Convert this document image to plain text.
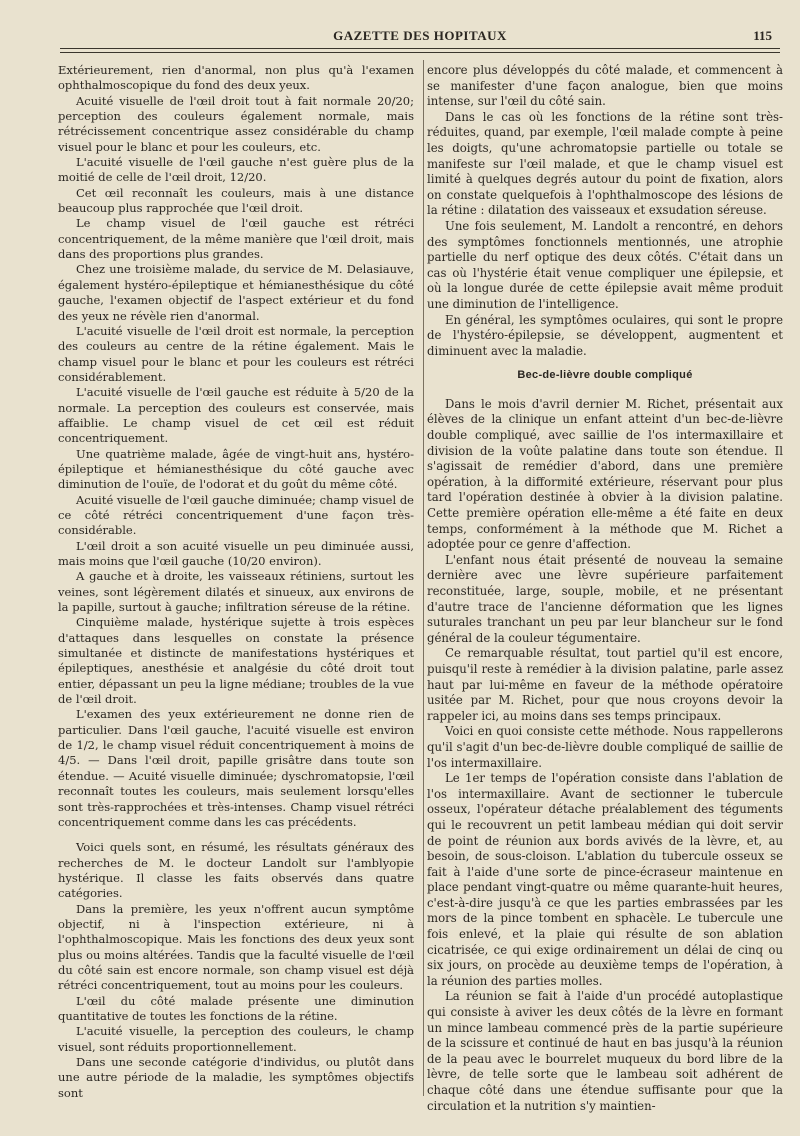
GAZETTE DES HOPITAUX	115

Extérieurement, rien d'anormal, non plus qu'à l'examen ophthalmoscopique du fond des deux yeux.

Acuité visuelle de l'œil droit tout à fait normale 20/20; perception des couleurs également normale, mais rétrécissement concentrique assez considérable du champ visuel pour le blanc et pour les couleurs, etc.

L'acuité visuelle de l'œil gauche n'est guère plus de la moitié de celle de l'œil droit, 12/20.

Cet œil reconnaît les couleurs, mais à une distance beaucoup plus rapprochée que l'œil droit.

Le champ visuel de l'œil gauche est rétréci concentriquement, de la même manière que l'œil droit, mais dans des proportions plus grandes.

Chez une troisième malade, du service de M. Delasiauve, également hystéro-épileptique et hémianesthésique du côté gauche, l'examen objectif de l'aspect extérieur et du fond des yeux ne révèle rien d'anormal.

L'acuité visuelle de l'œil droit est normale, la perception des couleurs au centre de la rétine également. Mais le champ visuel pour le blanc et pour les couleurs est rétréci considérablement.

L'acuité visuelle de l'œil gauche est réduite à 5/20 de la normale. La perception des couleurs est conservée, mais affaiblie. Le champ visuel de cet œil est réduit concentriquement.

Une quatrième malade, âgée de vingt-huit ans, hystéro-épileptique et hémianesthésique du côté gauche avec diminution de l'ouïe, de l'odorat et du goût du même côté.

Acuité visuelle de l'œil gauche diminuée; champ visuel de ce côté rétréci concentriquement d'une façon très-considérable.

L'œil droit a son acuité visuelle un peu diminuée aussi, mais moins que l'œil gauche (10/20 environ).

A gauche et à droite, les vaisseaux rétiniens, surtout les veines, sont légèrement dilatés et sinueux, aux environs de la papille, surtout à gauche; infiltration séreuse de la rétine.

Cinquième malade, hystérique sujette à trois espèces d'attaques dans lesquelles on constate la présence simultanée et distincte de manifestations hystériques et épileptiques, anesthésie et analgésie du côté droit tout entier, dépassant un peu la ligne médiane; troubles de la vue de l'œil droit.

L'examen des yeux extérieurement ne donne rien de particulier. Dans l'œil gauche, l'acuité visuelle est environ de 1/2, le champ visuel réduit concentriquement à moins de 4/5. — Dans l'œil droit, papille grisâtre dans toute son étendue. — Acuité visuelle diminuée; dyschromatopsie, l'œil reconnaît toutes les couleurs, mais seulement lorsqu'elles sont très-rapprochées et très-intenses. Champ visuel rétréci concentriquement comme dans les cas précédents.

Voici quels sont, en résumé, les résultats généraux des recherches de M. le docteur Landolt sur l'amblyopie hystérique. Il classe les faits observés dans quatre catégories.

Dans la première, les yeux n'offrent aucun symptôme objectif, ni à l'inspection extérieure, ni à l'ophthalmoscopique. Mais les fonctions des deux yeux sont plus ou moins altérées. Tandis que la faculté visuelle de l'œil du côté sain est encore normale, son champ visuel est déjà rétréci concentriquement, tout au moins pour les couleurs.

L'œil du côté malade présente une diminution quantitative de toutes les fonctions de la rétine.

L'acuité visuelle, la perception des couleurs, le champ visuel, sont réduits proportionnellement.

Dans une seconde catégorie d'individus, ou plutôt dans une autre période de la maladie, les symptômes objectifs sont

encore plus développés du côté malade, et commencent à se manifester d'une façon analogue, bien que moins intense, sur l'œil du côté sain.

Dans le cas où les fonctions de la rétine sont très-réduites, quand, par exemple, l'œil malade compte à peine les doigts, qu'une achromatopsie partielle ou totale se manifeste sur l'œil malade, et que le champ visuel est limité à quelques degrés autour du point de fixation, alors on constate quelquefois à l'ophthalmoscope des lésions de la rétine : dilatation des vaisseaux et exsudation séreuse.

Une fois seulement, M. Landolt a rencontré, en dehors des symptômes fonctionnels mentionnés, une atrophie partielle du nerf optique des deux côtés. C'était dans un cas où l'hystérie était venue compliquer une épilepsie, et où la longue durée de cette épilepsie avait même produit une diminution de l'intelligence.

En général, les symptômes oculaires, qui sont le propre de l'hystéro-épilepsie, se développent, augmentent et diminuent avec la maladie.

Bec-de-lièvre double compliqué

Dans le mois d'avril dernier M. Richet, présentait aux élèves de la clinique un enfant atteint d'un bec-de-lièvre double compliqué, avec saillie de l'os intermaxillaire et division de la voûte palatine dans toute son étendue. Il s'agissait de remédier d'abord, dans une première opération, à la difformité extérieure, réservant pour plus tard l'opération destinée à obvier à la division palatine. Cette première opération elle-même a été faite en deux temps, conformément à la méthode que M. Richet a adoptée pour ce genre d'affection.

L'enfant nous était présenté de nouveau la semaine dernière avec une lèvre supérieure parfaitement reconstituée, large, souple, mobile, et ne présentant d'autre trace de l'ancienne déformation que les lignes suturales tranchant un peu par leur blancheur sur le fond général de la couleur tégumentaire.

Ce remarquable résultat, tout partiel qu'il est encore, puisqu'il reste à remédier à la division palatine, parle assez haut par lui-même en faveur de la méthode opératoire usitée par M. Richet, pour que nous croyons devoir la rappeler ici, au moins dans ses temps principaux.

Voici en quoi consiste cette méthode. Nous rappellerons qu'il s'agit d'un bec-de-lièvre double compliqué de saillie de l'os intermaxillaire.

Le 1er temps de l'opération consiste dans l'ablation de l'os intermaxillaire. Avant de sectionner le tubercule osseux, l'opérateur détache préalablement des téguments qui le recouvrent un petit lambeau médian qui doit servir de point de réunion aux bords avivés de la lèvre, et, au besoin, de sous-cloison. L'ablation du tubercule osseux se fait à l'aide d'une sorte de pince-écraseur maintenue en place pendant vingt-quatre ou même quarante-huit heures, c'est-à-dire jusqu'à ce que les parties embrassées par les mors de la pince tombent en sphacèle. Le tubercule une fois enlevé, et la plaie qui résulte de son ablation cicatrisée, ce qui exige ordinairement un délai de cinq ou six jours, on procède au deuxième temps de l'opération, à la réunion des parties molles.

La réunion se fait à l'aide d'un procédé autoplastique qui consiste à aviver les deux côtés de la lèvre en formant un mince lambeau commencé près de la partie supérieure de la scissure et continué de haut en bas jusqu'à la réunion de la peau avec le bourrelet muqueux du bord libre de la lèvre, de telle sorte que le lambeau soit adhérent de chaque côté dans une étendue suffisante pour que la circulation et la nutrition s'y maintien-
